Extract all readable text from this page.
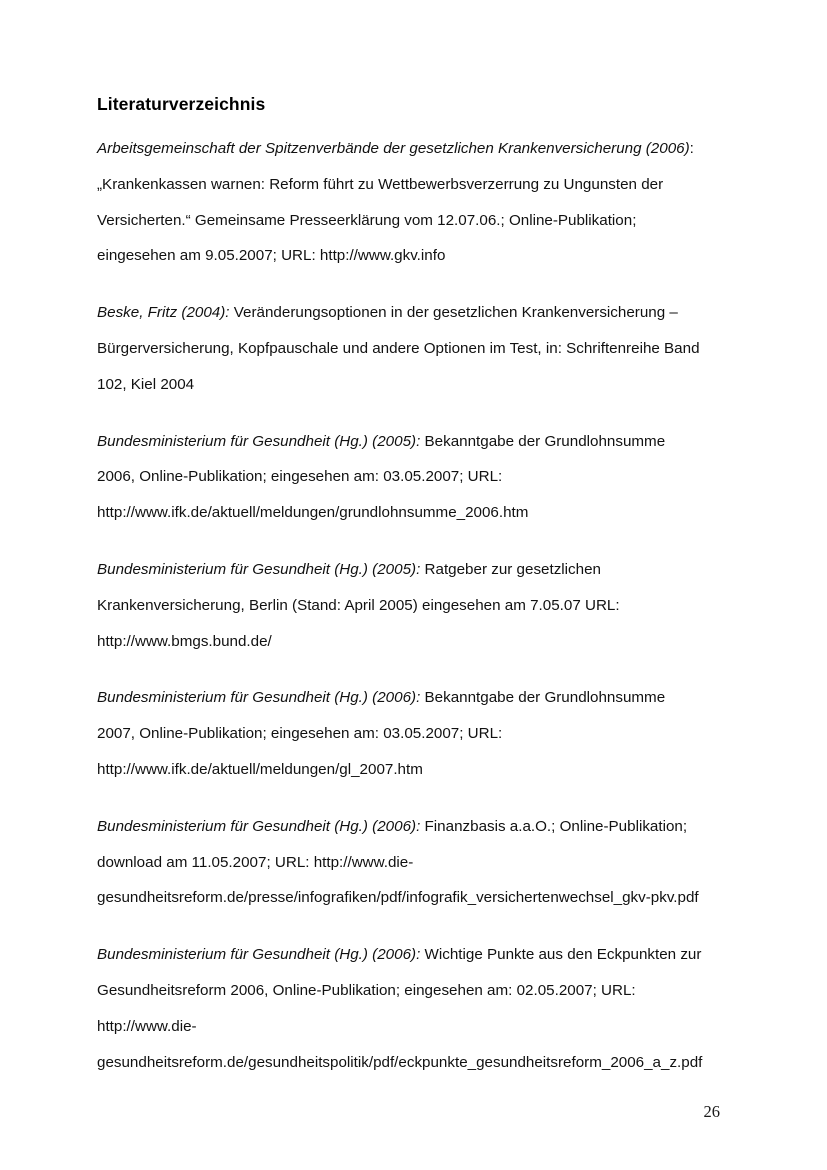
Literaturverzeichnis

Arbeitsgemeinschaft der Spitzenverbände der gesetzlichen Krankenversicherung (2006): „Krankenkassen warnen: Reform führt zu Wettbewerbsverzerrung zu Ungunsten der Versicherten.“ Gemeinsame Presseerklärung vom 12.07.06.; Online-Publikation; eingesehen am 9.05.2007; URL: http://www.gkv.info

Beske, Fritz (2004): Veränderungsoptionen in der gesetzlichen Krankenversicherung – Bürgerversicherung, Kopfpauschale und andere Optionen im Test, in: Schriftenreihe Band 102, Kiel 2004

Bundesministerium für Gesundheit (Hg.) (2005): Bekanntgabe der Grundlohnsumme 2006, Online-Publikation; eingesehen am: 03.05.2007; URL: http://www.ifk.de/aktuell/meldungen/grundlohnsumme_2006.htm

Bundesministerium für Gesundheit (Hg.) (2005): Ratgeber zur gesetzlichen Krankenversicherung, Berlin (Stand: April 2005) eingesehen am 7.05.07 URL: http://www.bmgs.bund.de/

Bundesministerium für Gesundheit (Hg.) (2006): Bekanntgabe der Grundlohnsumme 2007, Online-Publikation; eingesehen am: 03.05.2007; URL: http://www.ifk.de/aktuell/meldungen/gl_2007.htm

Bundesministerium für Gesundheit (Hg.) (2006): Finanzbasis a.a.O.; Online-Publikation; download am 11.05.2007; URL: http://www.die-gesundheitsreform.de/presse/infografiken/pdf/infografik_versichertenwechsel_gkv-pkv.pdf

Bundesministerium für Gesundheit (Hg.) (2006): Wichtige Punkte aus den Eckpunkten zur Gesundheitsreform 2006, Online-Publikation; eingesehen am: 02.05.2007; URL: http://www.die-gesundheitsreform.de/gesundheitspolitik/pdf/eckpunkte_gesundheitsreform_2006_a_z.pdf

26
